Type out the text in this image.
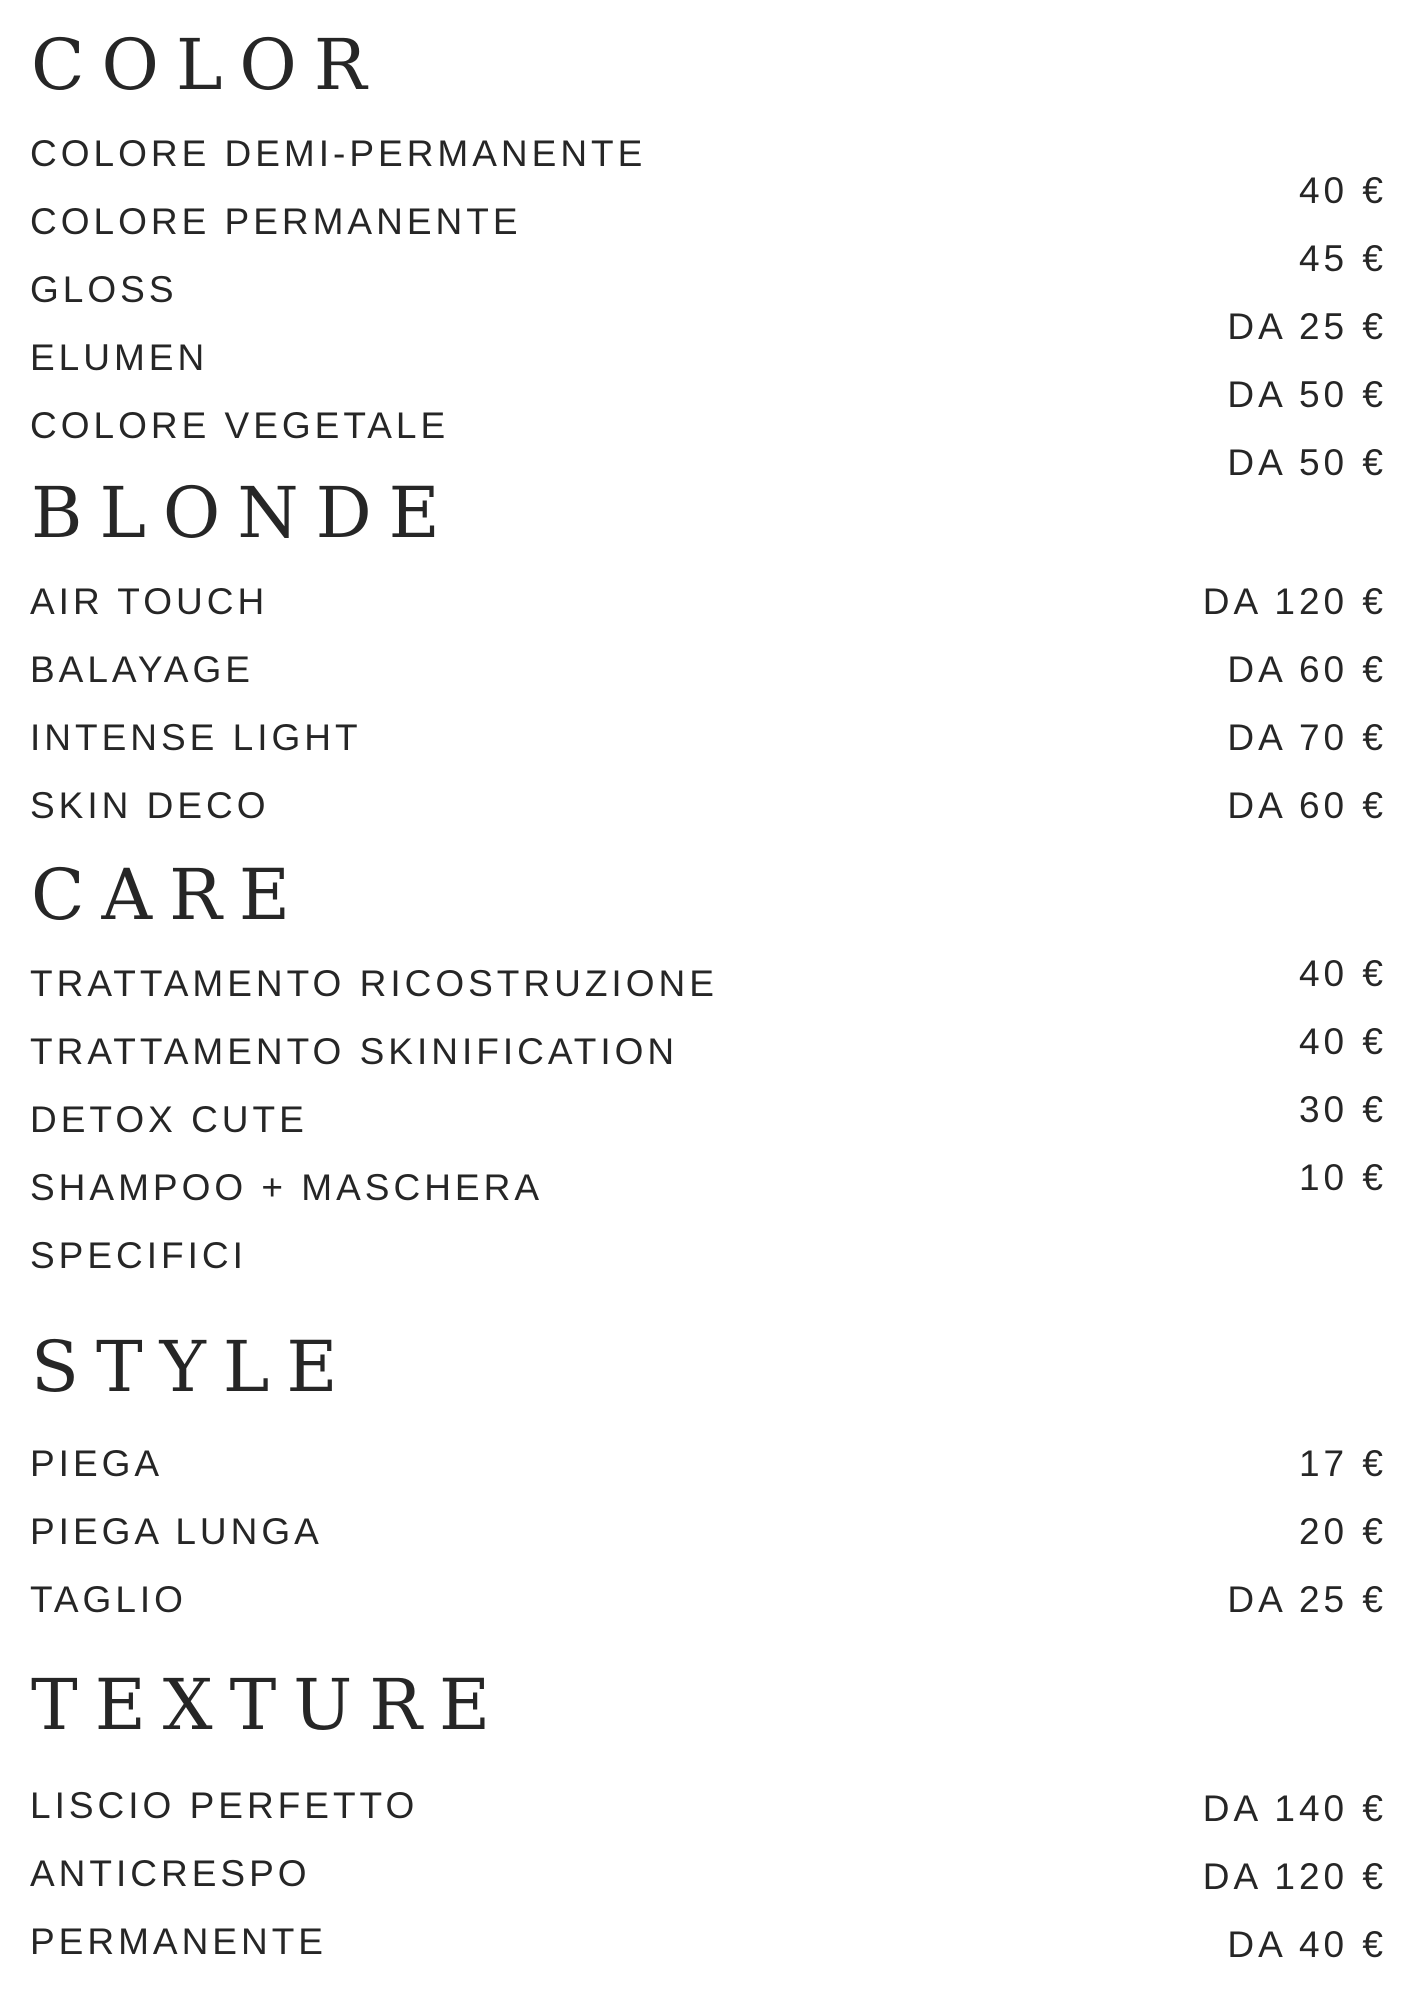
COLOR
COLORE DEMI-PERMANENTE
COLORE PERMANENTE
GLOSS
ELUMEN
COLORE VEGETALE
40 €
45 €
DA 25 €
DA 50 €
DA 50 €
BLONDE
AIR TOUCH
BALAYAGE
INTENSE LIGHT
SKIN DECO
DA 120 €
DA 60 €
DA 70 €
DA 60 €
CARE
TRATTAMENTO RICOSTRUZIONE
TRATTAMENTO SKINIFICATION
DETOX CUTE
SHAMPOO + MASCHERA
SPECIFICI
40 €
40 €
30 €
10 €
STYLE
PIEGA
PIEGA LUNGA
TAGLIO
17 €
20 €
DA 25 €
TEXTURE
LISCIO PERFETTO
ANTICRESPO
PERMANENTE
DA 140 €
DA 120 €
DA 40 €
